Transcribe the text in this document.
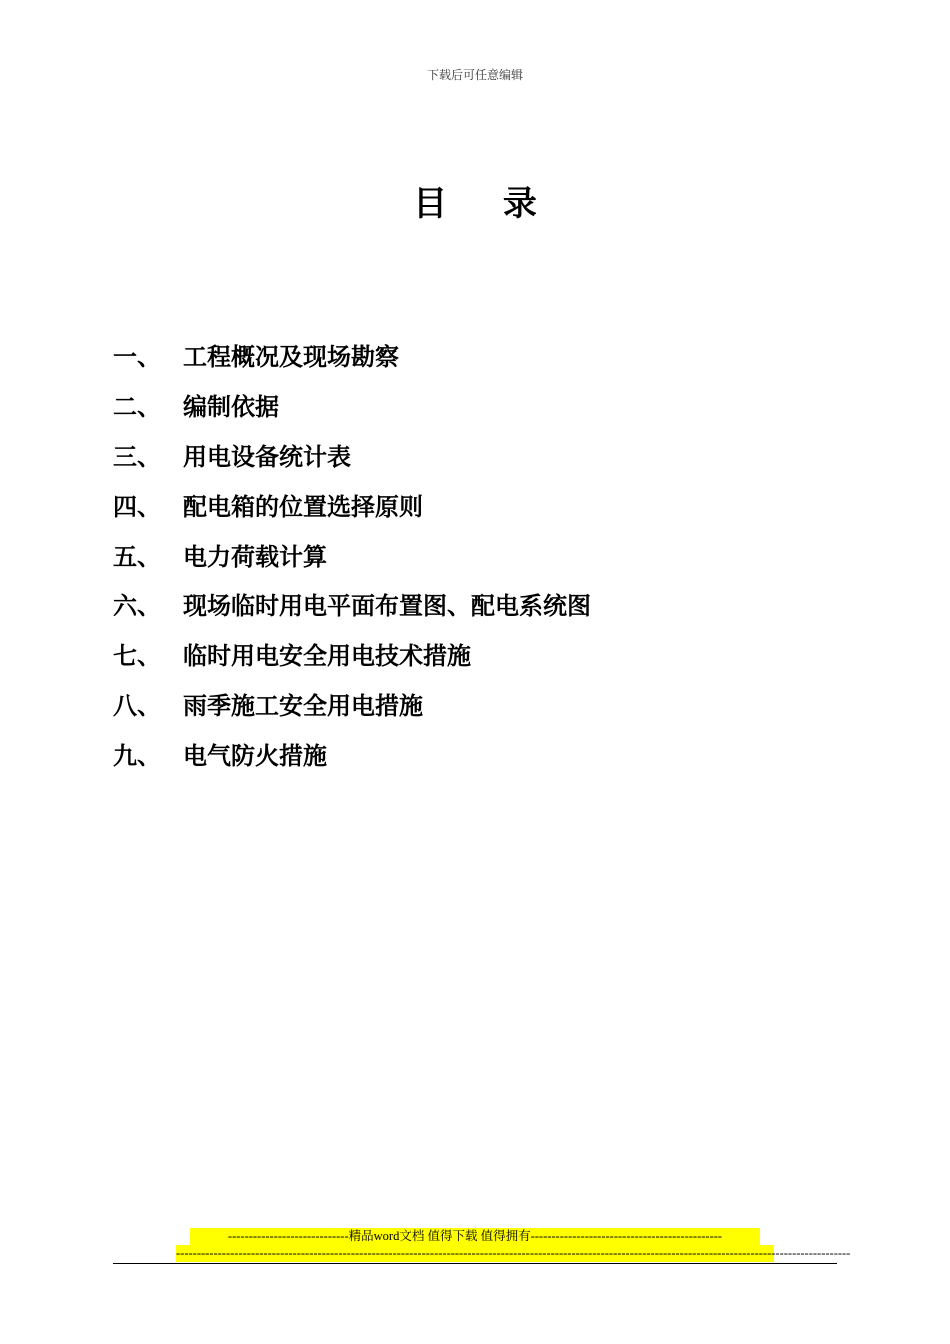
下载后可任意编辑
目 录
一、 工程概况及现场勘察
二、 编制依据
三、 用电设备统计表
四、 配电箱的位置选择原则
五、 电力荷载计算
六、 现场临时用电平面布置图、配电系统图
七、 临时用电安全用电技术措施
八、 雨季施工安全用电措施
九、 电气防火措施
-----------------------------精品word文档 值得下载 值得拥有----------------------------------------------
------------------------------------------------------------------------------------------------------------------------------------------------------------------
